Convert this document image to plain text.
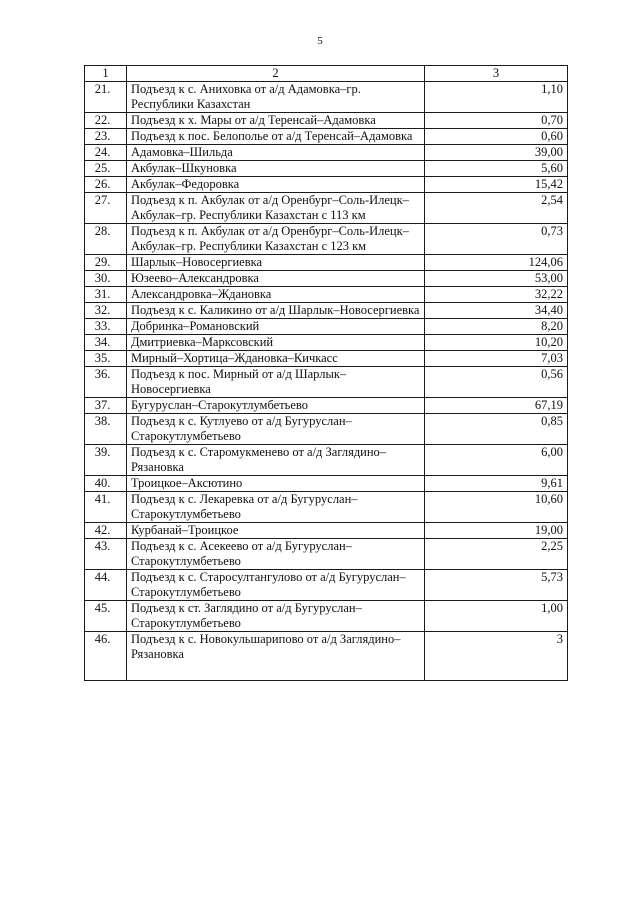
5
1	2	3
21.	Подъезд к с. Аниховка от а/д Адамовка–гр. Республики Казахстан	1,10
22.	Подъезд к х. Мары от а/д Теренсай–Адамовка	0,70
23.	Подъезд к пос. Белополье от а/д Теренсай–Адамовка	0,60
24.	Адамовка–Шильда	39,00
25.	Акбулак–Шкуновка	5,60
26.	Акбулак–Федоровка	15,42
27.	Подъезд к п. Акбулак от а/д Оренбург–Соль-Илецк–Акбулак–гр. Республики Казахстан с 113 км	2,54
28.	Подъезд к п. Акбулак от а/д Оренбург–Соль-Илецк–Акбулак–гр. Республики Казахстан с 123 км	0,73
29.	Шарлык–Новосергиевка	124,06
30.	Юзеево–Александровка	53,00
31.	Александровка–Ждановка	32,22
32.	Подъезд к с. Каликино от а/д Шарлык–Новосергиевка	34,40
33.	Добринка–Романовский	8,20
34.	Дмитриевка–Марксовский	10,20
35.	Мирный–Хортица–Ждановка–Кичкасс	7,03
36.	Подъезд к пос. Мирный от а/д Шарлык–Новосергиевка	0,56
37.	Бугуруслан–Старокутлумбетьево	67,19
38.	Подъезд к с. Кутлуево от а/д Бугуруслан–Старокутлумбетьево	0,85
39.	Подъезд к с. Старомукменево от а/д Заглядино–Рязановка	6,00
40.	Троицкое–Аксютино	9,61
41.	Подъезд к с. Лекаревка от а/д Бугуруслан–Старокутлумбетьево	10,60
42.	Курбанай–Троицкое	19,00
43.	Подъезд к с. Асекеево от а/д Бугуруслан–Старокутлумбетьево	2,25
44.	Подъезд к с. Старосултангулово от а/д Бугуруслан–Старокутлумбетьево	5,73
45.	Подъезд к ст. Заглядино от а/д Бугуруслан–Старокутлумбетьево	1,00
46.	Подъезд к с. Новокульшарипово от а/д Заглядино–Рязановка	3
